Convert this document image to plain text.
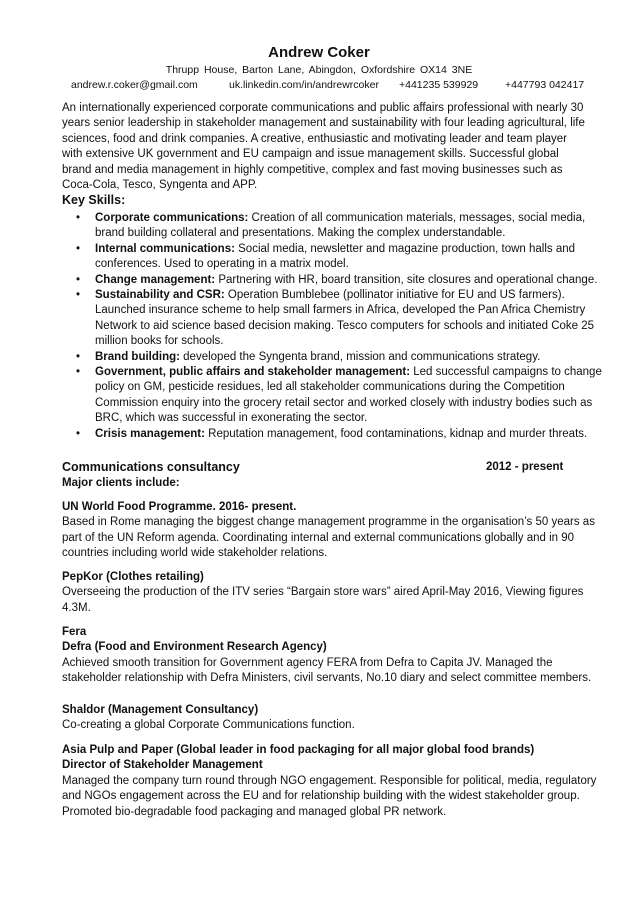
Andrew Coker
Thrupp House, Barton Lane, Abingdon, Oxfordshire OX14 3NE
andrew.r.coker@gmail.com	uk.linkedin.com/in/andrewrcoker +441235 539929	+447793 042417

An internationally experienced corporate communications and public affairs professional with nearly 30 years senior leadership in stakeholder management and sustainability with four leading agricultural, life sciences, food and drink companies. A creative, enthusiastic and motivating leader and team player with extensive UK government and EU campaign and issue management skills. Successful global brand and media management in highly competitive, complex and fast moving businesses such as Coca-Cola, Tesco, Syngenta and APP.

Key Skills:
• Corporate communications: Creation of all communication materials, messages, social media, brand building collateral and presentations. Making the complex understandable.
• Internal communications: Social media, newsletter and magazine production, town halls and conferences. Used to operating in a matrix model.
• Change management: Partnering with HR, board transition, site closures and operational change.
• Sustainability and CSR: Operation Bumblebee (pollinator initiative for EU and US farmers). Launched insurance scheme to help small farmers in Africa, developed the Pan Africa Chemistry Network to aid science based decision making. Tesco computers for schools and initiated Coke 25 million books for schools.
• Brand building: developed the Syngenta brand, mission and communications strategy.
• Government, public affairs and stakeholder management: Led successful campaigns to change policy on GM, pesticide residues, led all stakeholder communications during the Competition Commission enquiry into the grocery retail sector and worked closely with industry bodies such as BRC, which was successful in exonerating the sector.
• Crisis management: Reputation management, food contaminations, kidnap and murder threats.
Communications consultancy	2012 - present
Major clients include:

UN World Food Programme. 2016- present.

Based in Rome managing the biggest change management programme in the organisation’s 50 years as part of the UN Reform agenda. Coordinating internal and external communications globally and in 90 countries including world wide stakeholder relations.

PepKor (Clothes retailing)

Overseeing the production of the ITV series “Bargain store wars” aired April-May 2016, Viewing figures 4.3M.

Fera

Defra (Food and Environment Research Agency)

Achieved smooth transition for Government agency FERA from Defra to Capita JV. Managed the stakeholder relationship with Defra Ministers, civil servants, No.10 diary and select committee members.

Shaldor (Management Consultancy)

Co-creating a global Corporate Communications function.

Asia Pulp and Paper (Global leader in food packaging for all major global food brands)

Director of Stakeholder Management

Managed the company turn round through NGO engagement. Responsible for political, media, regulatory and NGOs engagement across the EU and for relationship building with the widest stakeholder group. Promoted bio-degradable food packaging and managed global PR network.
